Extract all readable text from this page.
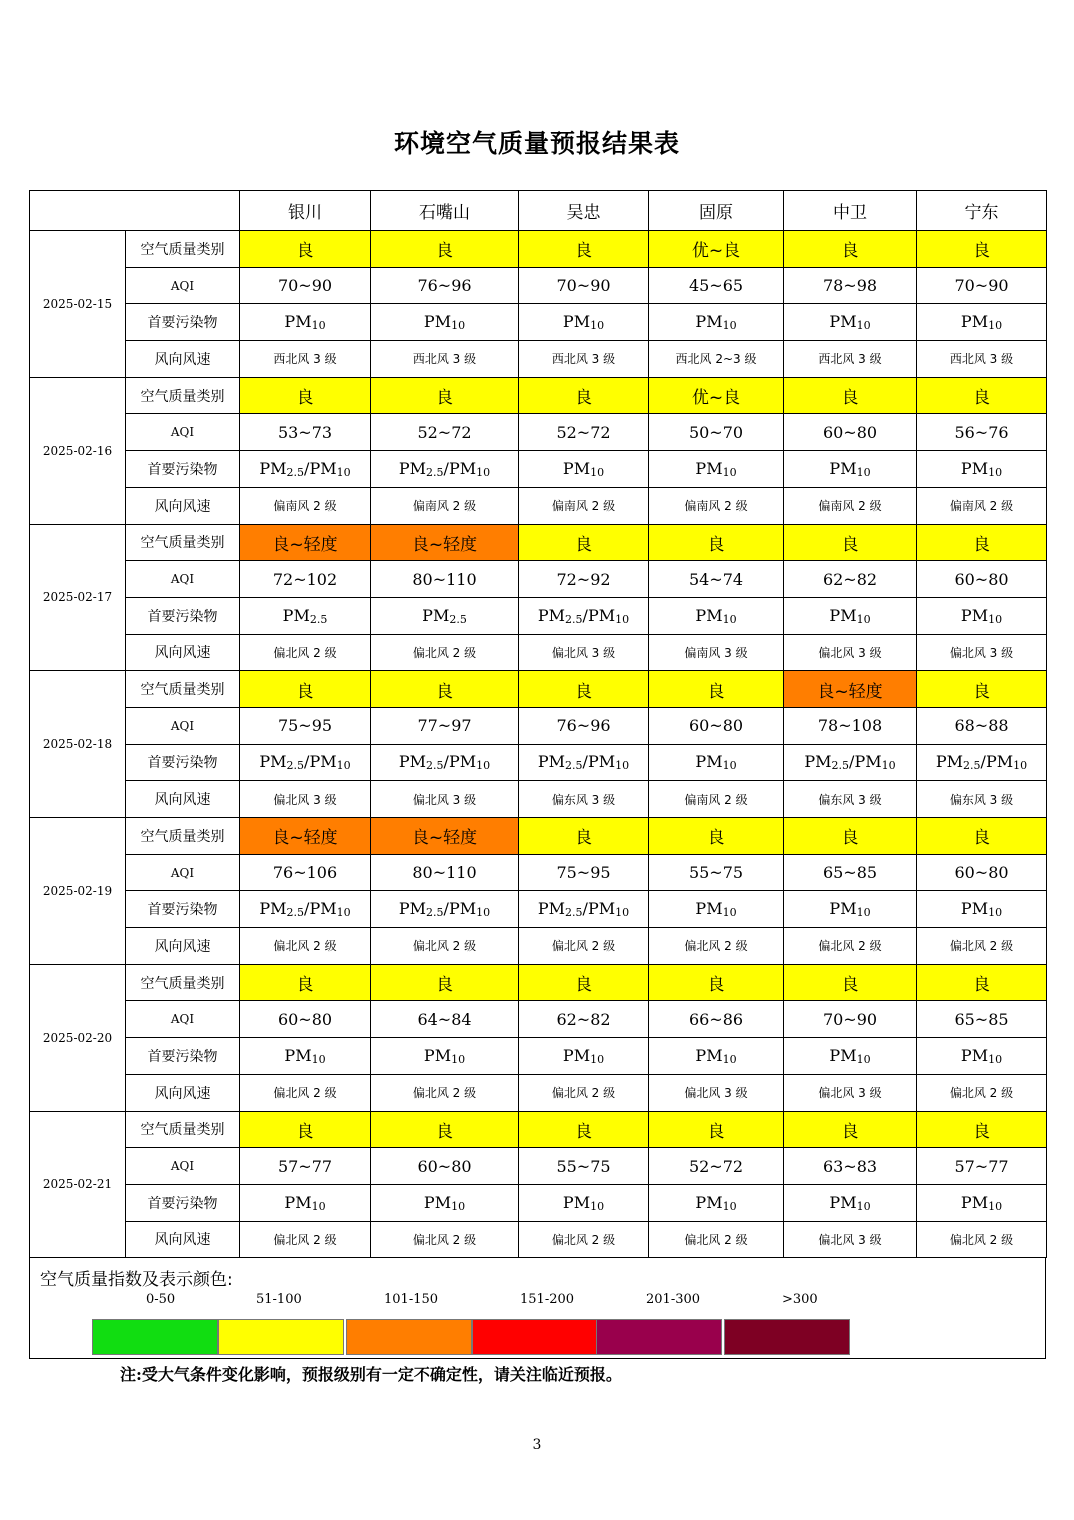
环境空气质量预报结果表
		银川	石嘴山	吴忠	固原	中卫	宁东
2025-02-15	空气质量类别	良	良	良	优~良	良	良
	AQI	70~90	76~96	70~90	45~65	78~98	70~90
	首要污染物	$PM_{10}$	$PM_{10}$	$PM_{10}$	$PM_{10}$	$PM_{10}$	$PM_{10}$
	风向风速	西北风 3 级	西北风 3 级	西北风 3 级	西北风 2~3 级	西北风 3 级	西北风 3 级
2025-02-16	空气质量类别	良	良	良	优~良	良	良
	AQI	53~73	52~72	52~72	50~70	60~80	56~76
	首要污染物	$PM_{2.5}/PM_{10}$	$PM_{2.5}/PM_{10}$	$PM_{10}$	$PM_{10}$	$PM_{10}$	$PM_{10}$
	风向风速	偏南风 2 级	偏南风 2 级	偏南风 2 级	偏南风 2 级	偏南风 2 级	偏南风 2 级
2025-02-17	空气质量类别	良~轻度	良~轻度	良	良	良	良
	AQI	72~102	80~110	72~92	54~74	62~82	60~80
	首要污染物	$PM_{2.5}$	$PM_{2.5}$	$PM_{2.5}/PM_{10}$	$PM_{10}$	$PM_{10}$	$PM_{10}$
	风向风速	偏北风 2 级	偏北风 2 级	偏北风 3 级	偏南风 3 级	偏北风 3 级	偏北风 3 级
2025-02-18	空气质量类别	良	良	良	良	良~轻度	良
	AQI	75~95	77~97	76~96	60~80	78~108	68~88
	首要污染物	$PM_{2.5}/PM_{10}$	$PM_{2.5}/PM_{10}$	$PM_{2.5}/PM_{10}$	$PM_{10}$	$PM_{2.5}/PM_{10}$	$PM_{2.5}/PM_{10}$
	风向风速	偏北风 3 级	偏北风 3 级	偏东风 3 级	偏南风 2 级	偏东风 3 级	偏东风 3 级
2025-02-19	空气质量类别	良~轻度	良~轻度	良	良	良	良
	AQI	76~106	80~110	75~95	55~75	65~85	60~80
	首要污染物	$PM_{2.5}/PM_{10}$	$PM_{2.5}/PM_{10}$	$PM_{2.5}/PM_{10}$	$PM_{10}$	$PM_{10}$	$PM_{10}$
	风向风速	偏北风 2 级	偏北风 2 级	偏北风 2 级	偏北风 2 级	偏北风 2 级	偏北风 2 级
2025-02-20	空气质量类别	良	良	良	良	良	良
	AQI	60~80	64~84	62~82	66~86	70~90	65~85
	首要污染物	$PM_{10}$	$PM_{10}$	$PM_{10}$	$PM_{10}$	$PM_{10}$	$PM_{10}$
	风向风速	偏北风 2 级	偏北风 2 级	偏北风 2 级	偏北风 3 级	偏北风 3 级	偏北风 2 级
2025-02-21	空气质量类别	良	良	良	良	良	良
	AQI	57~77	60~80	55~75	52~72	63~83	57~77
	首要污染物	$PM_{10}$	$PM_{10}$	$PM_{10}$	$PM_{10}$	$PM_{10}$	$PM_{10}$
	风向风速	偏北风 2 级	偏北风 2 级	偏北风 2 级	偏北风 2 级	偏北风 3 级	偏北风 2 级
空气质量指数及表示颜色:
0-50	51-100	101-150	151-200	201-300	>300
注:受大气条件变化影响，预报级别有一定不确定性，请关注临近预报。
3
